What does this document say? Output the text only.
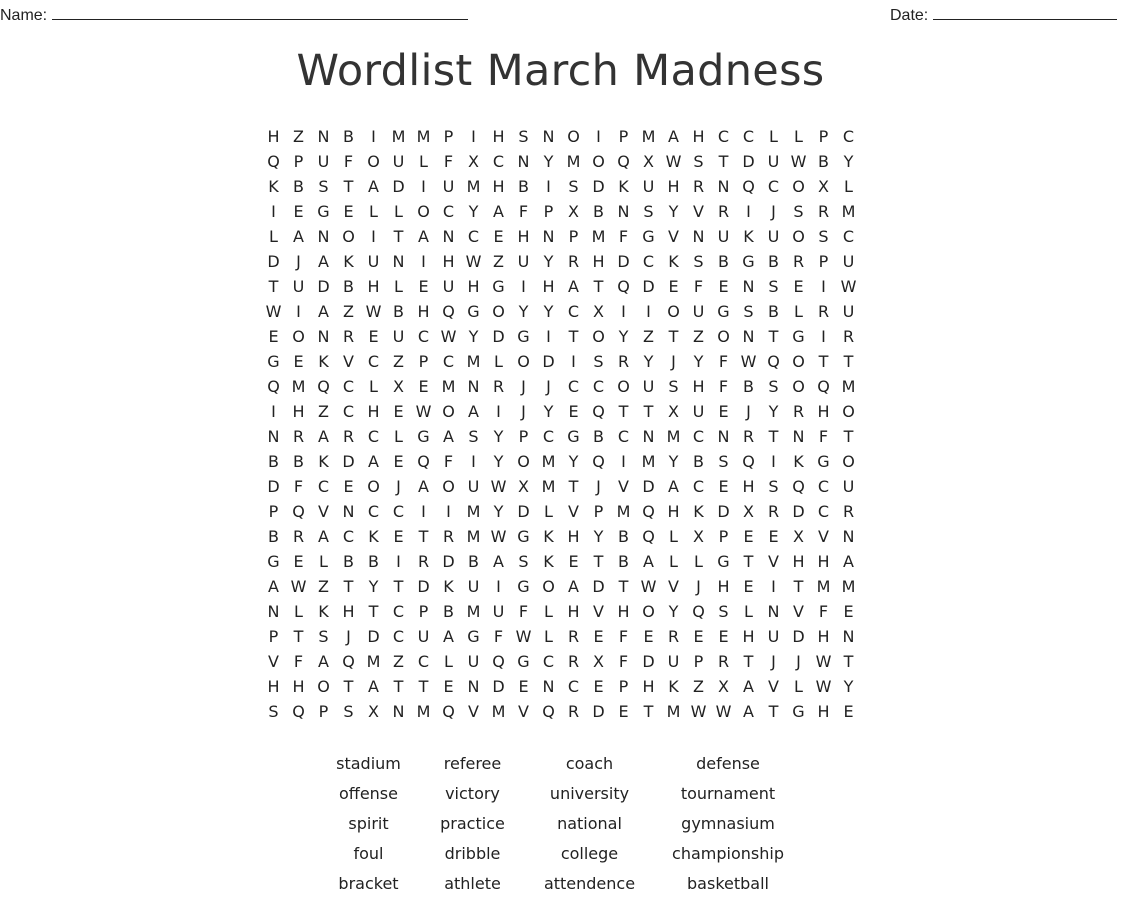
Name:	Date:
Wordlist March Madness
H Z N B	I M M P	I	H S N O	I	P M A H C C L	L P C
Q P U F O U L F X C N Y M O Q X W S T D U W B Y
K B S T A D	I	U M H B	I	S D K U H R N Q C O X L
I	E G E L	L O C Y A F P X B N S Y V R	I	J	S R M
L A N O	I	T A N C E H N P M F G V N U K U O S C
D	J	A K U N	I	H W Z U Y R H D C K S B G B R P U
T U D B H L E U H G	I	H A T Q D E F E N S E	I W
W I	A Z W B H Q G O Y Y C X	I	I	O U G S B L R U
E O N R E U C W Y D G	I	T O Y Z T Z O N T G	I	R
G E K V C Z P C M L O D	I	S R Y	J	Y F W Q O T T
Q M Q C L X E M N R	J	J	C C O U S H F B S O Q M
I	H Z C H E W O A	I	J	Y E Q T T X U E	J	Y R H O
N R A R C L G A S Y P C G B C N M C N R T N F T
B B K D A E Q F	I	Y O M Y Q	I M Y B S Q	I	K G O
D F C E O	J	A O U W X M T	J	V D A C E H S Q C U
P Q V N C C	I	I M Y D L V P M Q H K D X R D C R
B R A C K E T R M W G K H Y B Q L X P E E X V N
G E L B B	I	R D B A S K E T B A L	L G T V H H A
A W Z T Y T D K U	I	G O A D T W V	J	H E	I	T M M
N L K H T C P B M U F L H V H O Y Q S L N V F E
P T S	J	D C U A G F W L R E F E R E E H U D H N
V F A Q M Z C L U Q G C R X F D U P R T	J	J W T
H H O T A T T E N D E N C E P H K Z X A V L W Y
S Q P S X N M Q V M V Q R D E T M W W A T G H E
stadium	referee	coach	defense
offense	victory	university	tournament
spirit	practice	national	gymnasium
foul	dribble	college	championship
bracket	athlete	attendence	basketball
